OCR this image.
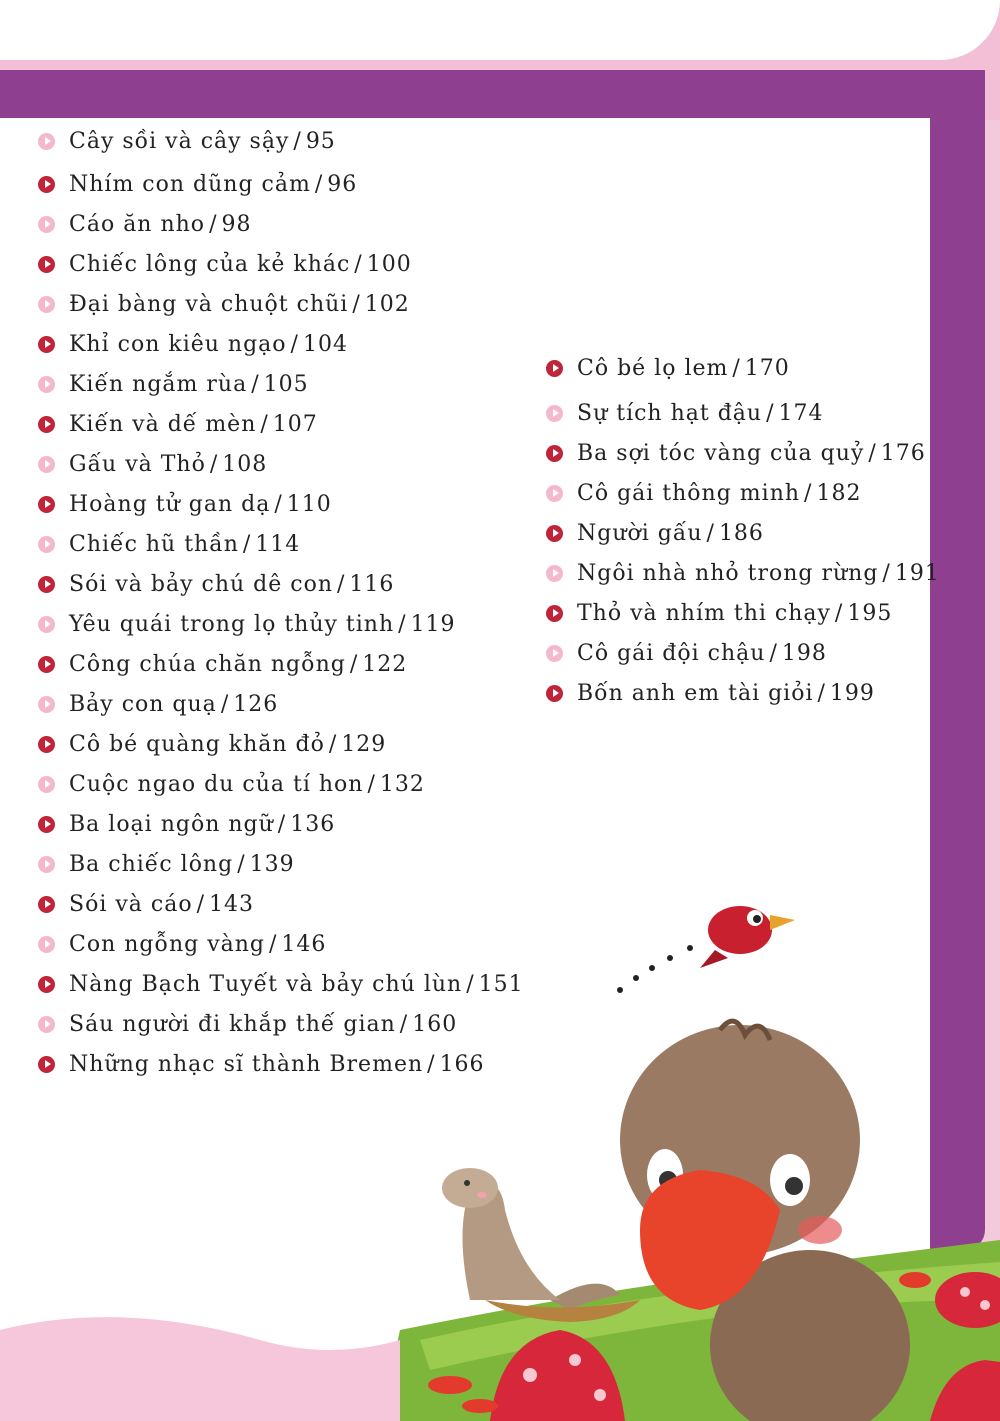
Cây sồi và cây sậy / 95
Nhím con dũng cảm / 96
Cáo ăn nho / 98
Chiếc lông của kẻ khác / 100
Đại bàng và chuột chũi / 102
Khỉ con kiêu ngạo / 104
Kiến ngắm rùa / 105
Kiến và dế mèn / 107
Gấu và Thỏ / 108
Hoàng tử gan dạ / 110
Chiếc hũ thần / 114
Sói và bảy chú dê con / 116
Yêu quái trong lọ thủy tinh / 119
Công chúa chăn ngỗng / 122
Bảy con quạ / 126
Cô bé quàng khăn đỏ / 129
Cuộc ngao du của tí hon / 132
Ba loại ngôn ngữ / 136
Ba chiếc lông / 139
Sói và cáo / 143
Con ngỗng vàng / 146
Nàng Bạch Tuyết và bảy chú lùn / 151
Sáu người đi khắp thế gian / 160
Những nhạc sĩ thành Bremen / 166
Cô bé lọ lem / 170
Sự tích hạt đậu / 174
Ba sợi tóc vàng của quỷ / 176
Cô gái thông minh / 182
Người gấu / 186
Ngôi nhà nhỏ trong rừng / 191
Thỏ và nhím thi chạy / 195
Cô gái đội chậu / 198
Bốn anh em tài giỏi / 199
